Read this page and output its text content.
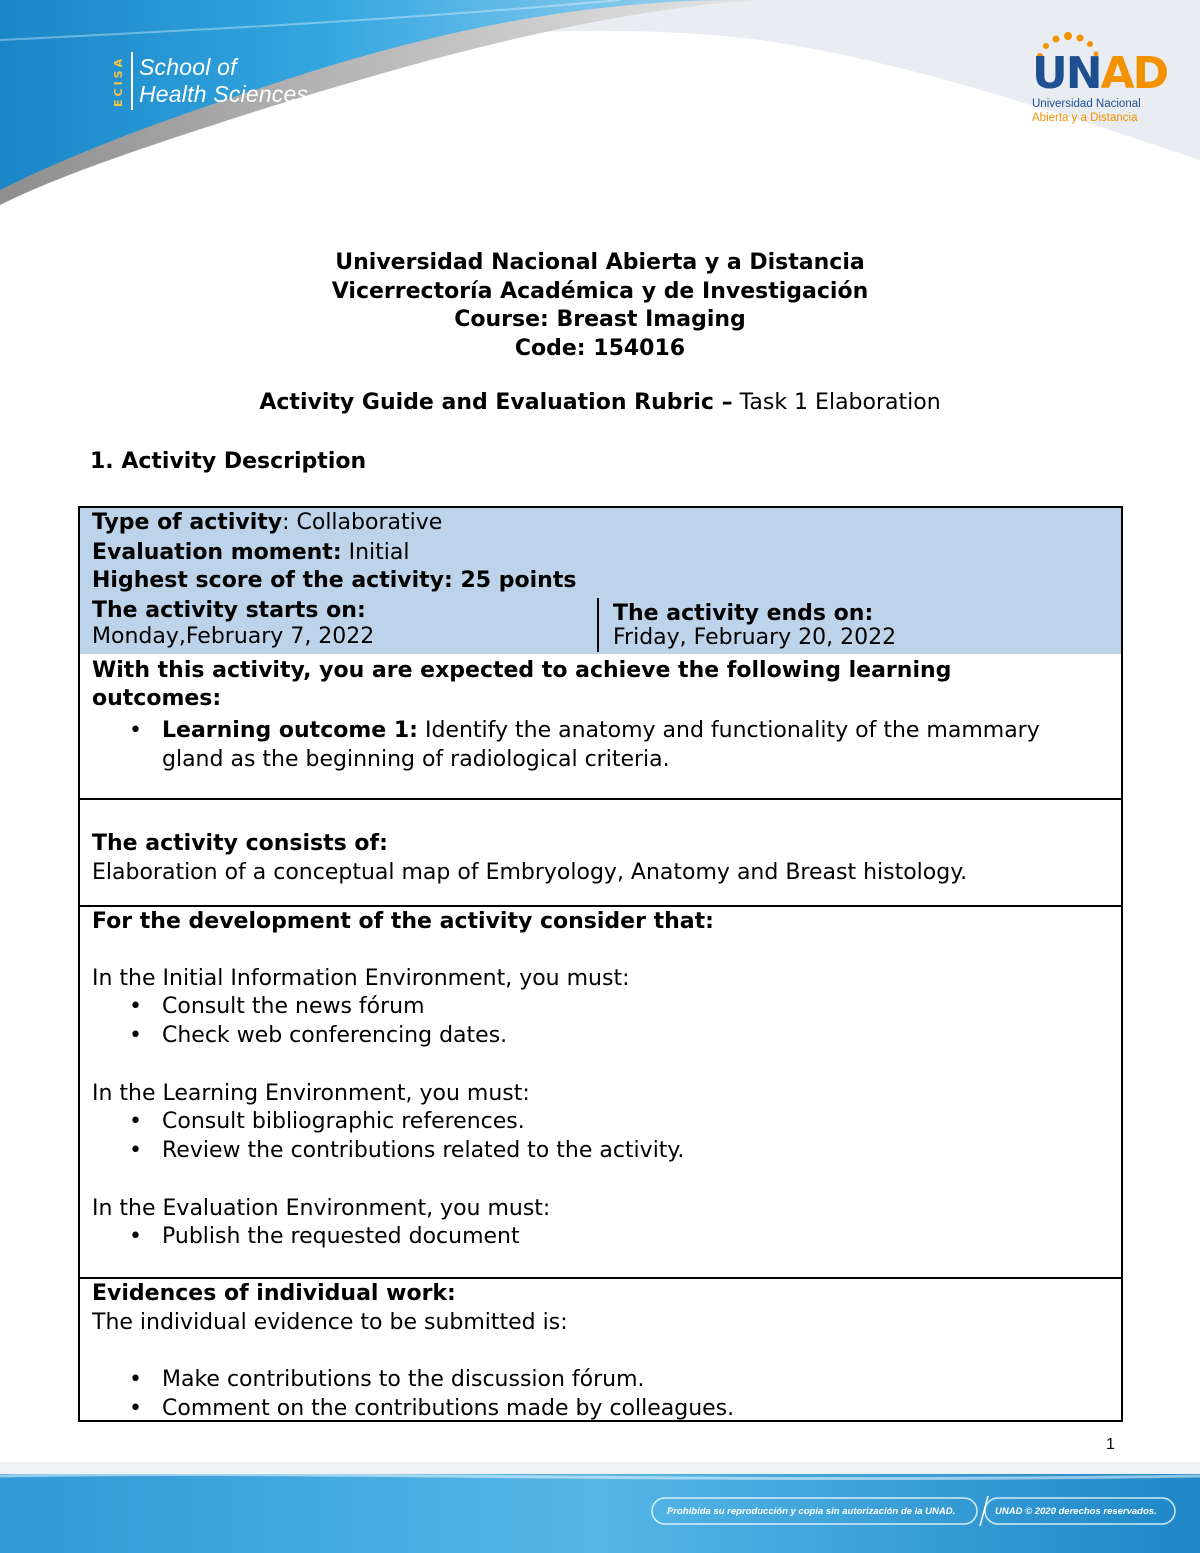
ECISA School of
Health Sciences	UNAD
Universidad Nacional
Abierta y a Distancia
Universidad Nacional Abierta y a Distancia
Vicerrectoría Académica y de Investigación
Course: Breast Imaging
Code: 154016
Activity Guide and Evaluation Rubric – Task 1 Elaboration
1. Activity Description
Type of activity: Collaborative
Evaluation moment: Initial
Highest score of the activity: 25 points
The activity starts on:
Monday,February 7, 2022
The activity ends on:
Friday, February 20, 2022
With this activity, you are expected to achieve the following learning
outcomes:
• Learning outcome 1: Identify the anatomy and functionality of the mammary
gland as the beginning of radiological criteria.
The activity consists of:
Elaboration of a conceptual map of Embryology, Anatomy and Breast histology.
For the development of the activity consider that:
In the Initial Information Environment, you must:
• Consult the news fórum
• Check web conferencing dates.
In the Learning Environment, you must:
• Consult bibliographic references.
• Review the contributions related to the activity.
In the Evaluation Environment, you must:
• Publish the requested document
Evidences of individual work:
The individual evidence to be submitted is:
• Make contributions to the discussion fórum.
• Comment on the contributions made by colleagues.
1
Prohibida su reproducción y copia sin autorización de la UNAD.	UNAD © 2020 derechos reservados.
